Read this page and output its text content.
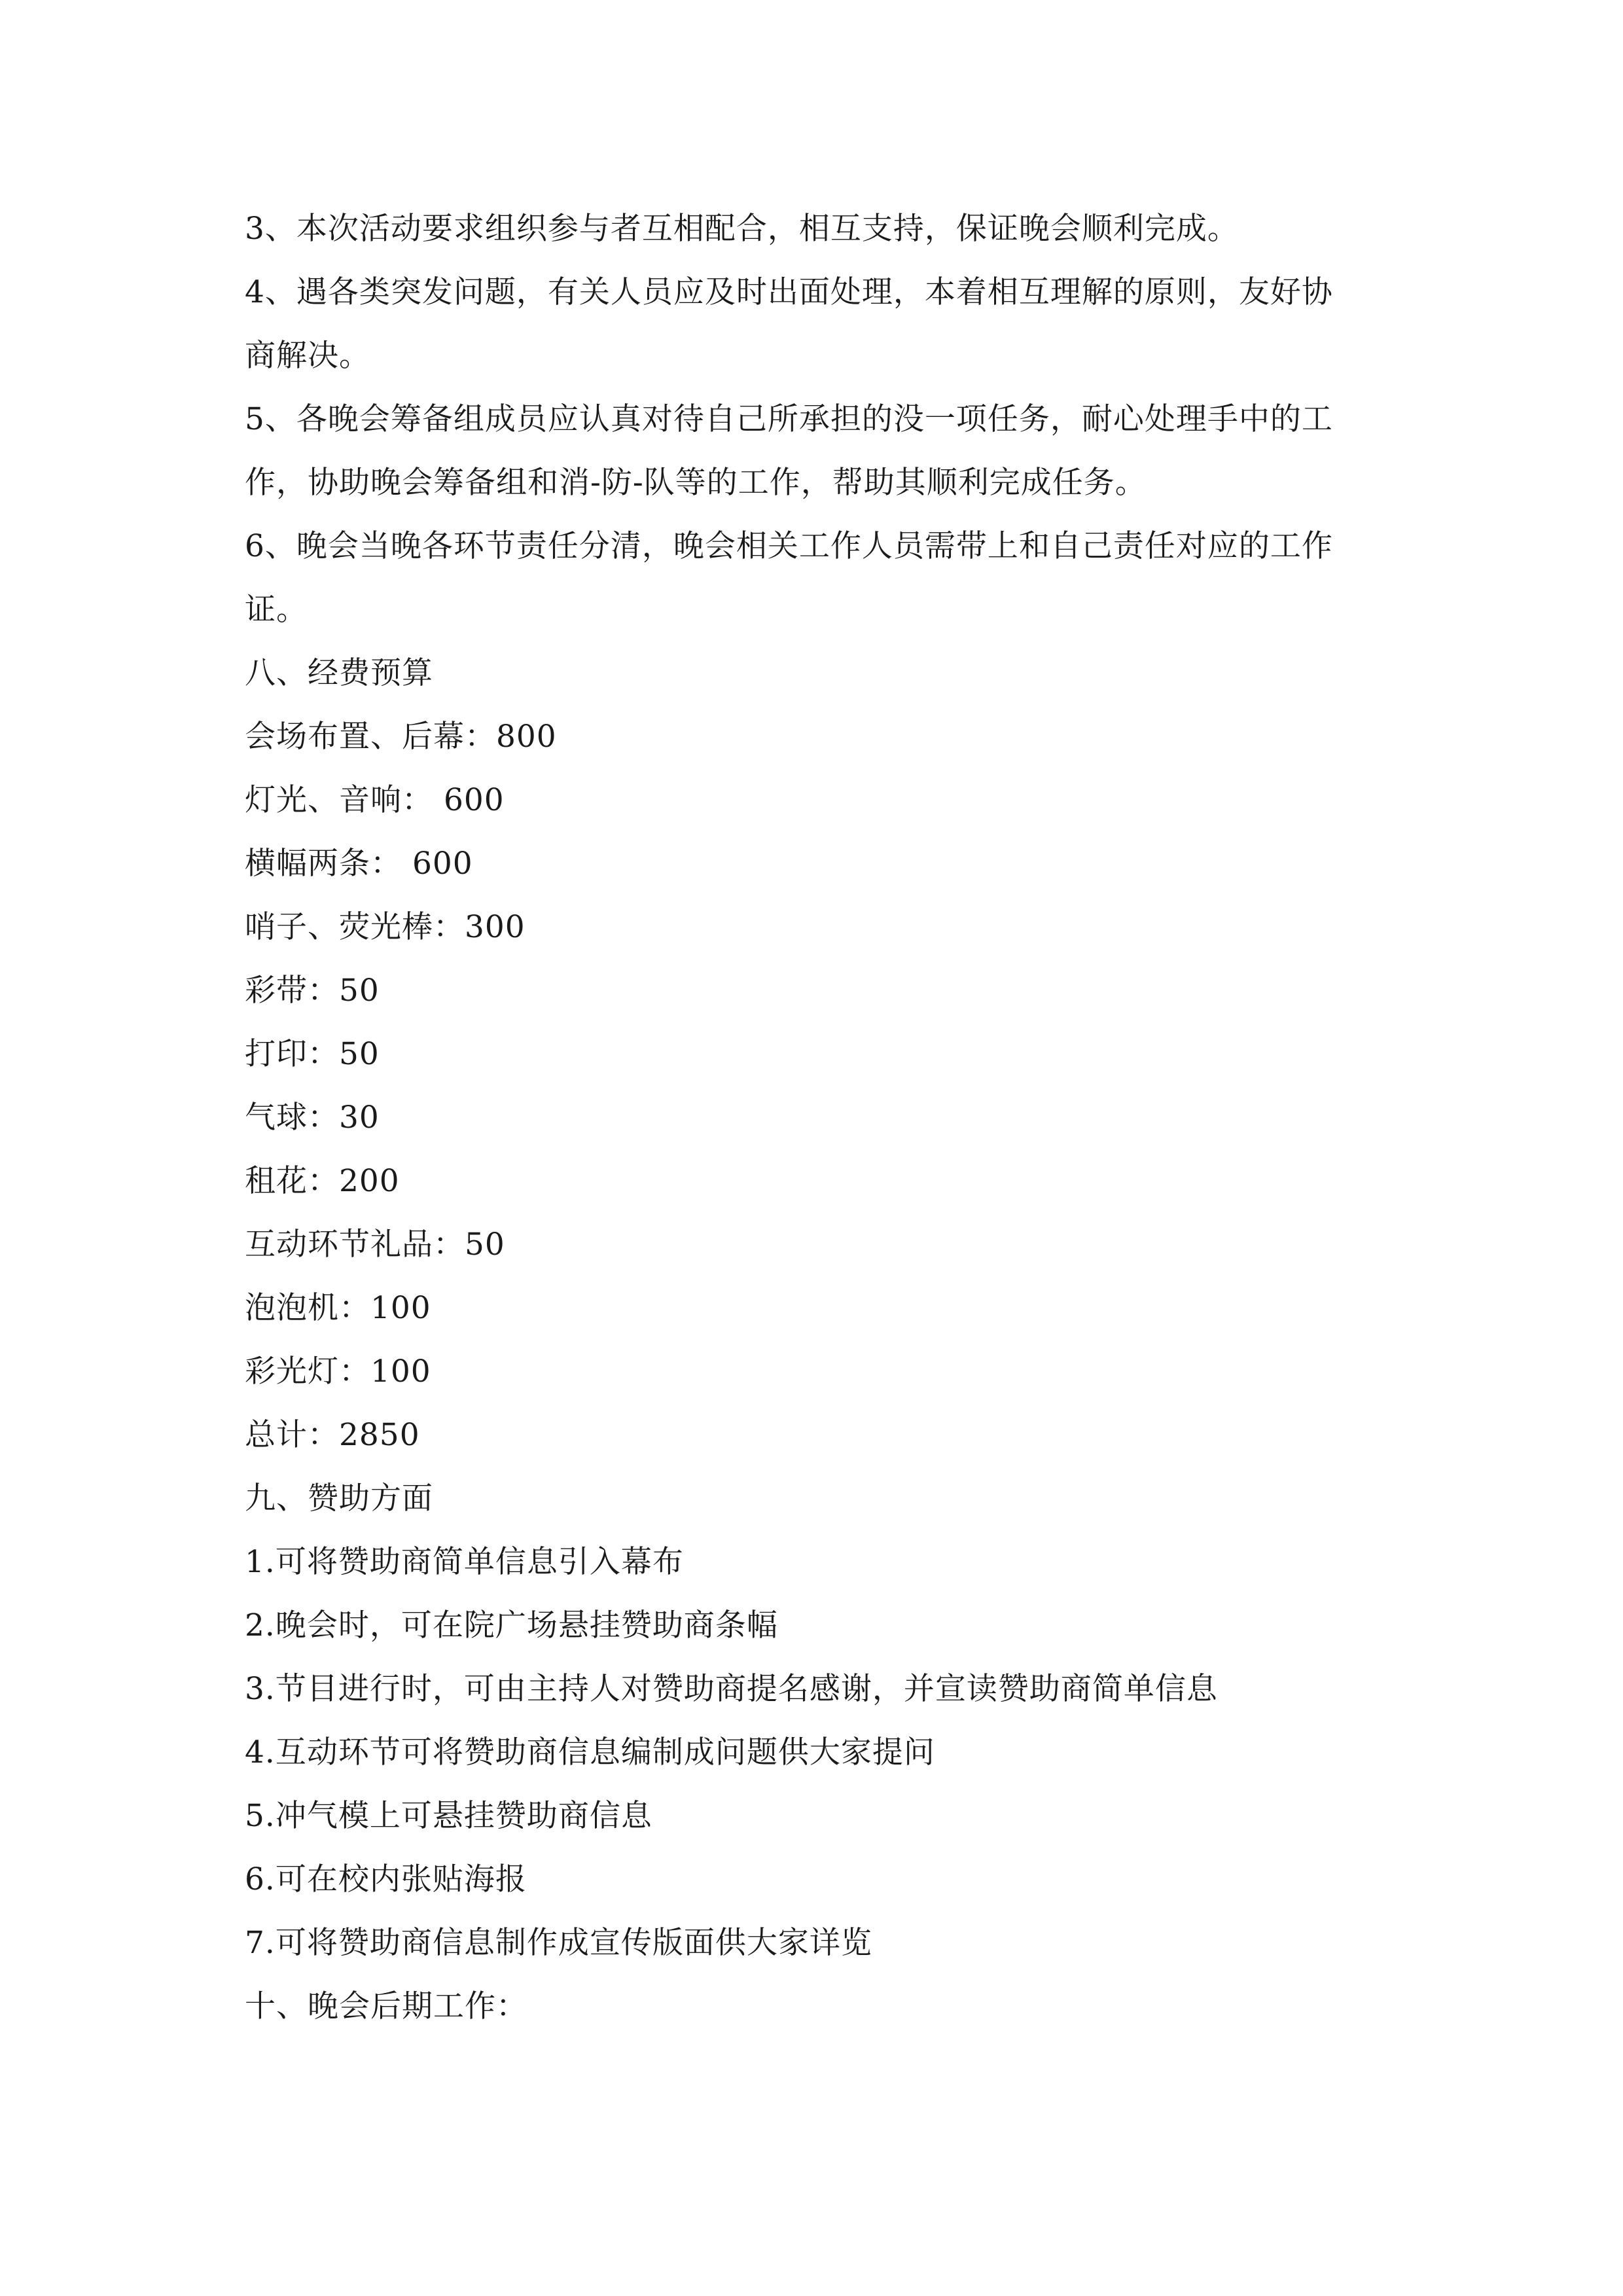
3、本次活动要求组织参与者互相配合，相互支持，保证晚会顺利完成。
4、遇各类突发问题，有关人员应及时出面处理，本着相互理解的原则，友好协
商解决。
5、各晚会筹备组成员应认真对待自己所承担的没一项任务，耐心处理手中的工
作，协助晚会筹备组和消-防-队等的工作，帮助其顺利完成任务。
6、晚会当晚各环节责任分清，晚会相关工作人员需带上和自己责任对应的工作
证。
八、经费预算
会场布置、后幕：800
灯光、音响： 600
横幅两条： 600
哨子、荧光棒：300
彩带：50
打印：50
气球：30
租花：200
互动环节礼品：50
泡泡机：100
彩光灯：100
总计：2850
九、赞助方面
1.可将赞助商简单信息引入幕布
2.晚会时，可在院广场悬挂赞助商条幅
3.节目进行时，可由主持人对赞助商提名感谢，并宣读赞助商简单信息
4.互动环节可将赞助商信息编制成问题供大家提问
5.冲气模上可悬挂赞助商信息
6.可在校内张贴海报
7.可将赞助商信息制作成宣传版面供大家详览
十、晚会后期工作：
